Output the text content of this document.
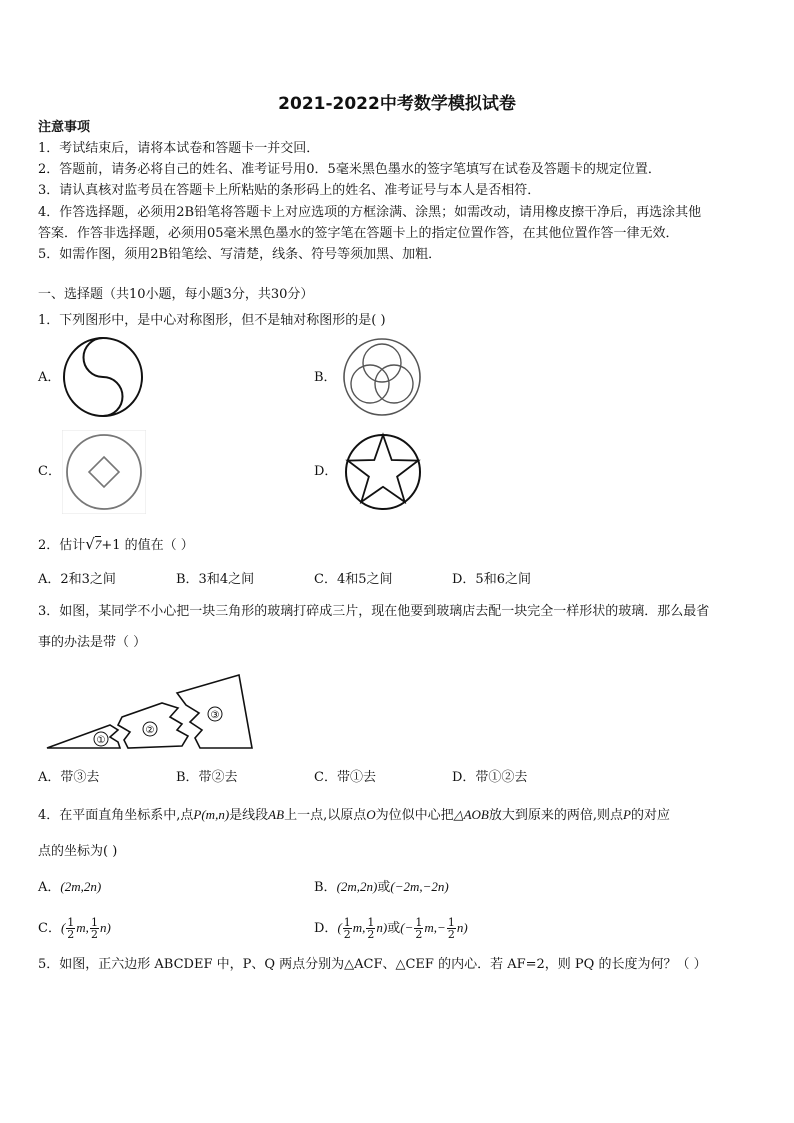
2021-2022中考数学模拟试卷
注意事项
1．考试结束后，请将本试卷和答题卡一并交回．
2．答题前，请务必将自己的姓名、准考证号用0．5毫米黑色墨水的签字笔填写在试卷及答题卡的规定位置．
3．请认真核对监考员在答题卡上所粘贴的条形码上的姓名、准考证号与本人是否相符．
4．作答选择题，必须用2B铅笔将答题卡上对应选项的方框涂满、涂黑；如需改动，请用橡皮擦干净后，再选涂其他
答案．作答非选择题，必须用05毫米黑色墨水的签字笔在答题卡上的指定位置作答，在其他位置作答一律无效．
5．如需作图，须用2B铅笔绘、写清楚，线条、符号等须加黑、加粗．
一、选择题（共10小题，每小题3分，共30分）
1．下列图形中，是中心对称图形，但不是轴对称图形的是( )
A．	B．
C．	D．
2．估计√7+1 的值在（ ）
A．2和3之间	B．3和4之间	C．4和5之间	D．5和6之间
3．如图，某同学不小心把一块三角形的玻璃打碎成三片，现在他要到玻璃店去配一块完全一样形状的玻璃．那么最省
事的办法是带（ ）
①
②
③
A．带③去	B．带②去	C．带①去	D．带①②去
4．在平面直角坐标系中,点P(m,n)是线段AB上一点,以原点O为位似中心把△AOB放大到原来的两倍,则点P的对应
点的坐标为( )
A．(2m,2n)	B．(2m,2n)或(−2m,−2n)
C．( $\frac{1}{2} m$, $\frac{1}{2} n$)	D．( $\frac{1}{2} m$, $\frac{1}{2} n$)或(− $\frac{1}{2} m,- \frac{1}{2} n$)
5．如图，正六边形 ABCDEF 中，P、Q 两点分别为△ACF、△CEF 的内心．若 AF=2，则 PQ 的长度为何？（ ）
